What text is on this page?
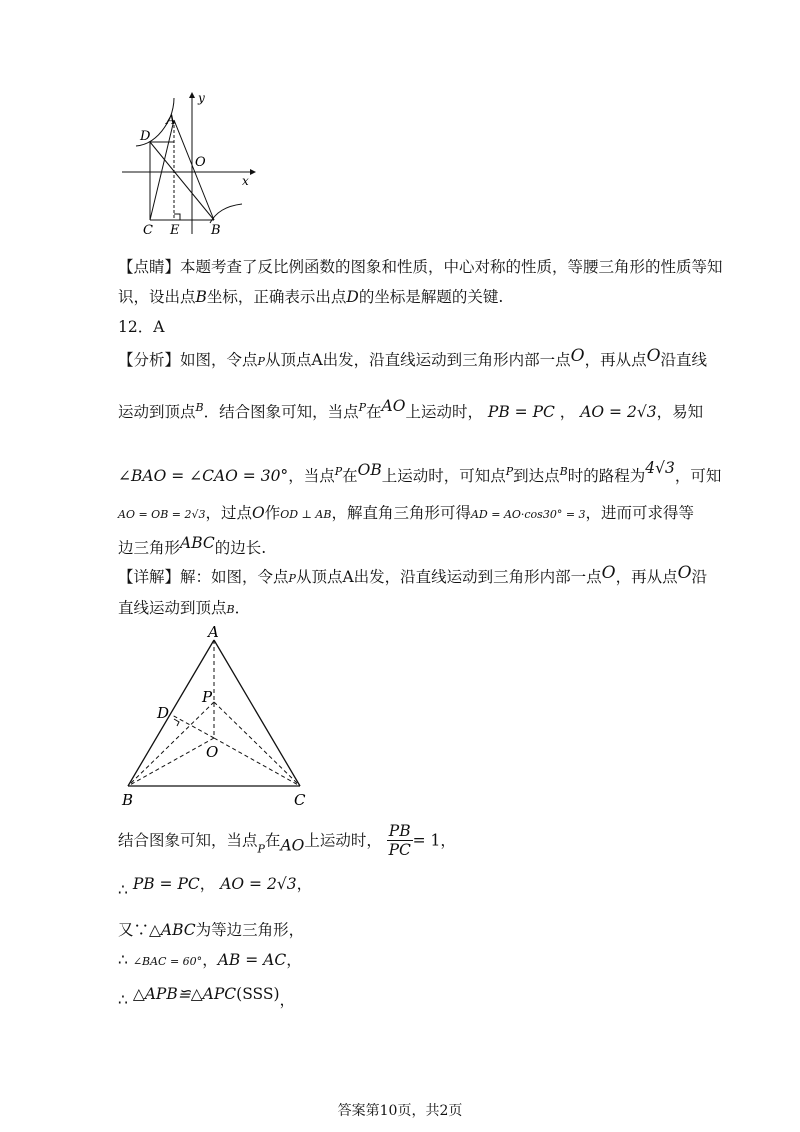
y
x
O
A
D
C E B
【点睛】本题考查了反比例函数的图象和性质，中心对称的性质，等腰三角形的性质等知
识，设出点B坐标，正确表示出点D的坐标是解题的关键.
12．A
【分析】如图，令点P从顶点A出发，沿直线运动到三角形内部一点O，再从点O沿直线
运动到顶点$^B$．结合图象可知，当点$^P$在AO上运动时， PB = PC ， AO = 2√3，易知
∠BAO = ∠CAO = 30°，当点$^P$在OB上运动时，可知点$^P$到达点$^B$时的路程为4√3，可知
AO = OB = 2√3，过点O作OD ⊥ AB，解直角三角形可得AD = AO·cos30° = 3，进而可求得等
边三角形ABC的边长.
【详解】解：如图，令点P从顶点A出发，沿直线运动到三角形内部一点O，再从点O沿
直线运动到顶点B．
A
P
D
O
B	C
结合图象可知，当点$_P$在AO上运动时， $\frac{PB}{PC} = 1$，
∴ PB = PC， AO = 2√3，
又∵△ABC为等边三角形，
∴ ∠BAC = 60°，AB = AC，
∴ △APB≌△APC(SSS)，
答案第10页，共2页
